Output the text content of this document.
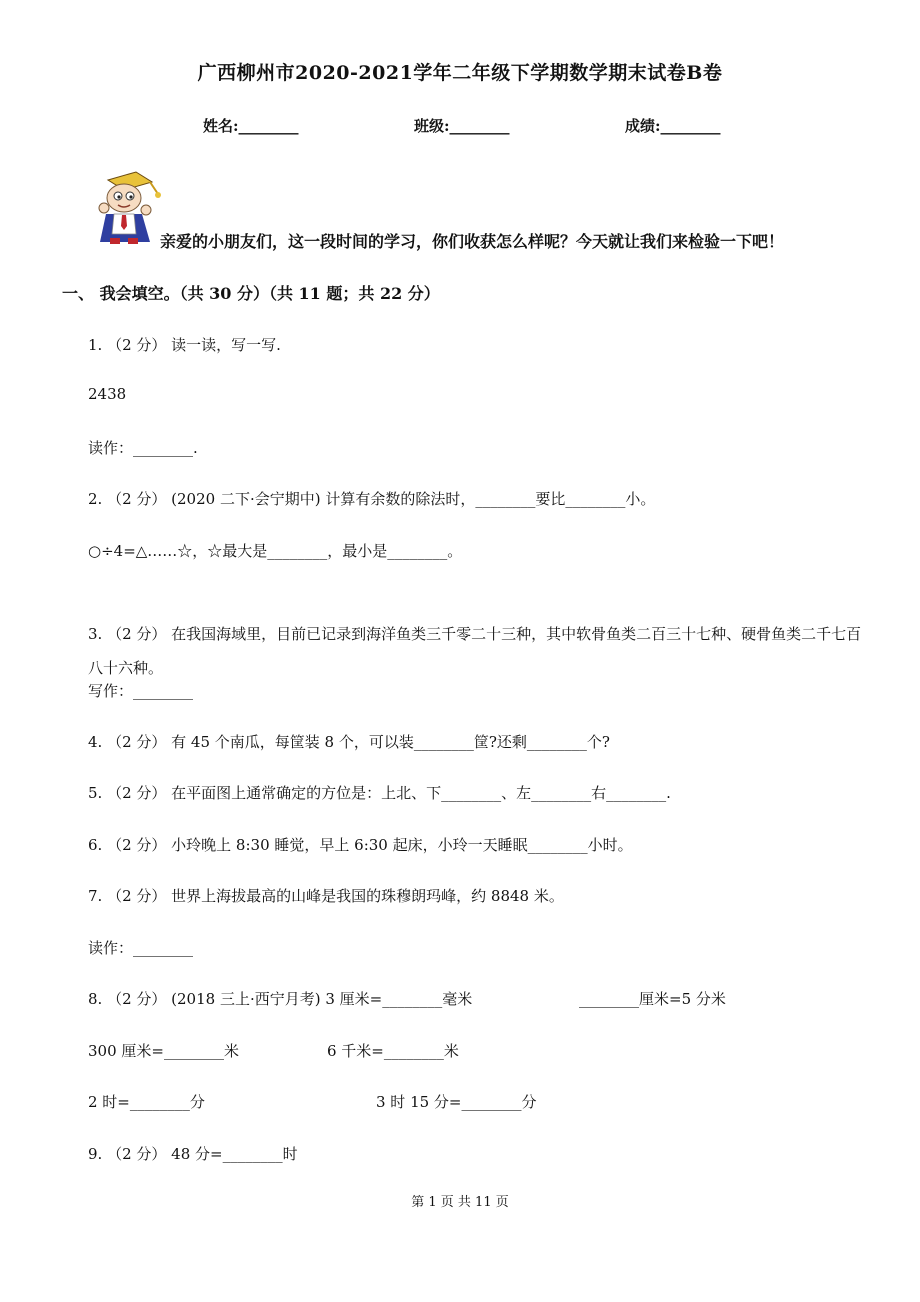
广西柳州市2020-2021学年二年级下学期数学期末试卷B卷
姓名:________	班级:________	成绩:________
亲爱的小朋友们，这一段时间的学习，你们收获怎么样呢？今天就让我们来检验一下吧！
一、 我会填空。（共 30 分）（共 11 题；共 22 分）
1. （2 分） 读一读，写一写.
2438
读作：________.
2. （2 分） (2020 二下·会宁期中) 计算有余数的除法时，________要比________小。
○÷4=△……☆，☆最大是________，最小是________。
3. （2 分） 在我国海域里，目前已记录到海洋鱼类三千零二十三种，其中软骨鱼类二百三十七种、硬骨鱼类二千七百八十六种。
写作：________
4. （2 分） 有 45 个南瓜，每筐装 8 个，可以装________筐?还剩________个?
5. （2 分） 在平面图上通常确定的方位是：上北、下________、左________右________.
6. （2 分） 小玲晚上 8:30 睡觉，早上 6:30 起床，小玲一天睡眠________小时。
7. （2 分） 世界上海拔最高的山峰是我国的珠穆朗玛峰，约 8848 米。
读作：________
8. （2 分） (2018 三上·西宁月考) 3 厘米=________毫米	________厘米=5 分米
300 厘米=________米	6 千米=________米
2 时=________分	3 时 15 分=________分
9. （2 分） 48 分=________时
第 1 页 共 11 页
